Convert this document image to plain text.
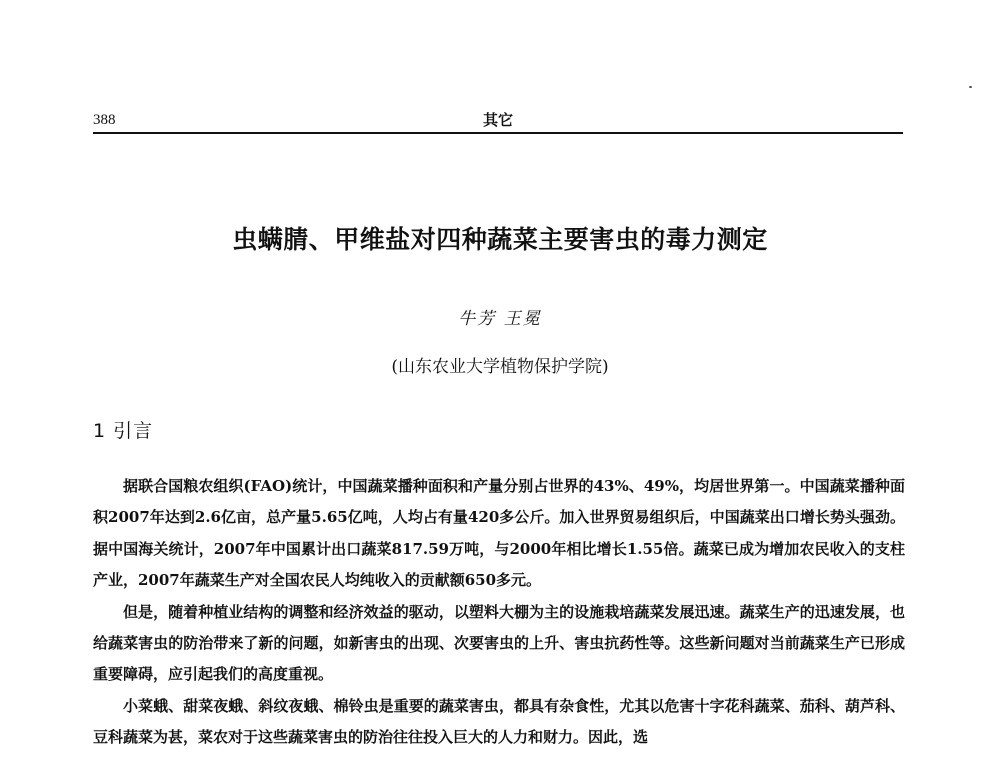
388	其它
虫螨腈、甲维盐对四种蔬菜主要害虫的毒力测定
牛芳 王冕
(山东农业大学植物保护学院)
1 引言

据联合国粮农组织(FAO)统计，中国蔬菜播种面积和产量分别占世界的43%、49%，均居世界第一。中国蔬菜播种面积2007年达到2.6亿亩，总产量5.65亿吨，人均占有量420多公斤。加入世界贸易组织后，中国蔬菜出口增长势头强劲。据中国海关统计，2007年中国累计出口蔬菜817.59万吨，与2000年相比增长1.55倍。蔬菜已成为增加农民收入的支柱产业，2007年蔬菜生产对全国农民人均纯收入的贡献额650多元。

但是，随着种植业结构的调整和经济效益的驱动，以塑料大棚为主的设施栽培蔬菜发展迅速。蔬菜生产的迅速发展，也给蔬菜害虫的防治带来了新的问题，如新害虫的出现、次要害虫的上升、害虫抗药性等。这些新问题对当前蔬菜生产已形成重要障碍，应引起我们的高度重视。

小菜蛾、甜菜夜蛾、斜纹夜蛾、棉铃虫是重要的蔬菜害虫，都具有杂食性，尤其以危害十字花科蔬菜、茄科、葫芦科、豆科蔬菜为甚，菜农对于这些蔬菜害虫的防治往往投入巨大的人力和财力。因此，选
